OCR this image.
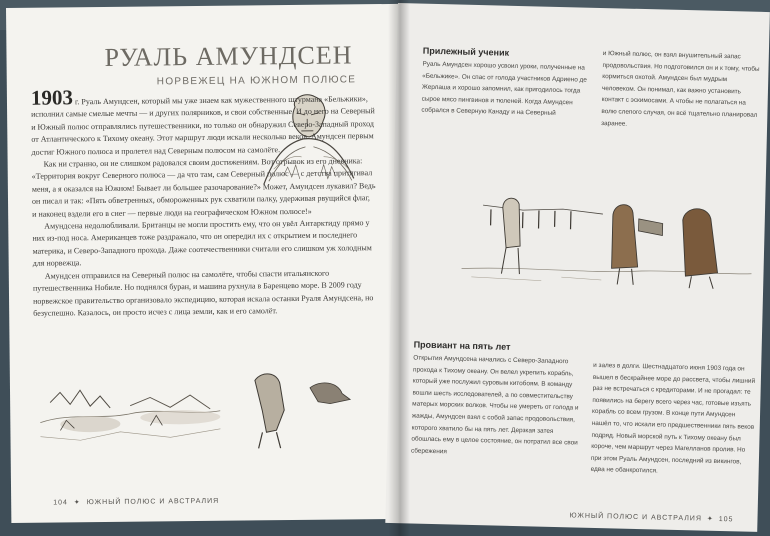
РУАЛЬ АМУНДСЕН
НОРВЕЖЕЦ НА ЮЖНОМ ПОЛЮСЕ

1903 г. Руаль Амундсен, который мы уже знаем как мужественного штурмана «Бельжики», исполнил самые смелые мечты — и других полярников, и свои собственные. И до него на Северный и Южный полюс отправлялись путешественники, но только он обнаружил Северо-Западный проход от Атлантического к Тихому океану. Этот маршрут люди искали несколько веков. Амундсен первым достиг Южного полюса и пролетел над Северным полюсом на самолёте.

Как ни странно, он не слишком радовался своим достижениям. Вот отрывок из его дневника: «Территория вокруг Северного полюса — да что там, сам Северный полюс — с детства притягивал меня, а я оказался на Южном! Бывает ли большее разочарование?» Может, Амундсен лукавил? Ведь он писал и так: «Пять обветренных, обмороженных рук схватили палку, удерживая рвущийся флаг, и наконец вздели его в снег — первые люди на географическом Южном полюсе!»

Амундсена недолюбливали. Британцы не могли простить ему, что он увёл Антарктиду прямо у них из-под носа. Американцев тоже раздражало, что он опередил их с открытием и последнего материка, и Северо-Западного прохода. Даже соотечественники считали его слишком уж холодным для норвежца.

Амундсен отправился на Северный полюс на самолёте, чтобы спасти итальянского путешественника Нобиле. Но поднялся буран, и машина рухнула в Баренцево море. В 2009 году норвежское правительство организовало экспедицию, которая искала останки Руаля Амундсена, но безуспешно. Казалось, он просто исчез с лица земли, как и его самолёт.

104 ✦ ЮЖНЫЙ ПОЛЮС И АВСТРАЛИЯ
Прилежный ученик

Руаль Амундсен хорошо усвоил уроки, полученные на «Бельжике». Он спас от голода участников Адриено де Жерлаша и хорошо запомнил, как пригодилось тогда сырое мясо пингвинов и тюленей. Когда Амундсен собрался в Северную Канаду и на Северный

и Южный полюс, он взял внушительный запас продовольствия. Но подготовился он и к тому, чтобы кормиться охотой. Амундсен был мудрым человеком. Он понимал, как важно установить контакт с эскимосами. А чтобы не полагаться на волю слепого случая, он всё тщательно планировал заранее.

Провиант на пять лет

Открытия Амундсена начались с Северо-Западного прохода к Тихому океану. Он велел укрепить корабль, который уже послужил суровым китобоям. В команду вошли шесть исследователей, а по совместительству матерых морских волков. Чтобы не умереть от голода и жажды, Амундсен взял с собой запас продовольствия, которого хватило бы на пять лет. Дерзкая затея обошлась ему в целое состояние, он потратил все свои сбережения

и залез в долги. Шестнадцатого июня 1903 года он вышел в бескрайнее море до рассвета, чтобы лишний раз не встречаться с кредиторами. И не прогадал: те появились на берегу всего через час, готовые изъять корабль со всем грузом. В конце пути Амундсен нашёл то, что искали его предшественники пять веков подряд. Новый морской путь к Тихому океану был короче, чем маршрут через Магелланов пролив. Но при этом Руаль Амундсен, последний из викингов, едва не обанкротился.

ЮЖНЫЙ ПОЛЮС И АВСТРАЛИЯ ✦ 105
